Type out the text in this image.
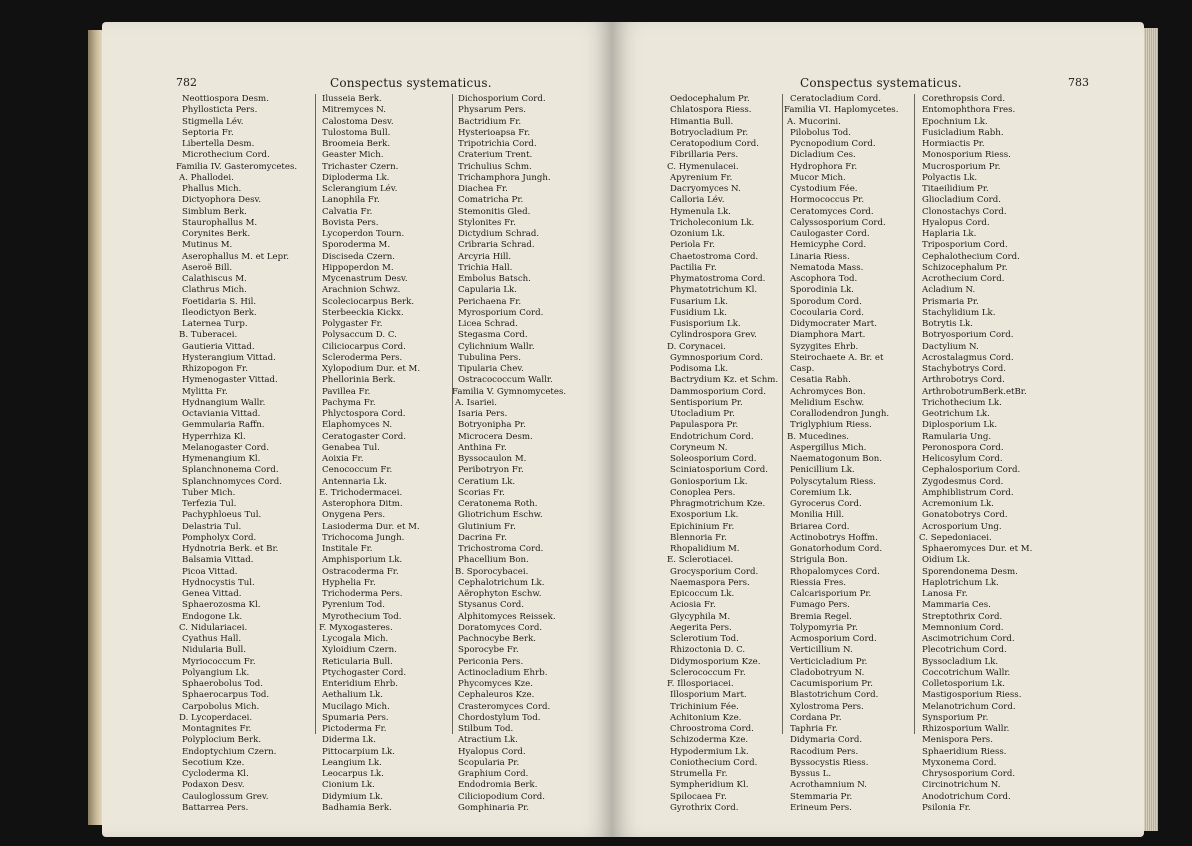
782	Conspectus systematicus.
Neottiospora Desm.
Phyllosticta Pers.
Stigmella Lév.
Septoria Fr.
Libertella Desm.
Microthecium Cord.
Familia IV. Gasteromycetes.
A. Phallodei.
Phallus Mich.
Dictyophora Desv.
Simblum Berk.
Staurophallus M.
Corynites Berk.
Mutinus M.
Aserophallus M. et Lepr.
Aseroë Bill.
Calathiscus M.
Clathrus Mich.
Foetidaria S. Hil.
Ileodictyon Berk.
Laternea Turp.
B. Tuberacei.
Gautieria Vittad.
Hysterangium Vittad.
Rhizopogon Fr.
Hymenogaster Vittad.
Mylitta Fr.
Hydnangium Wallr.
Octaviania Vittad.
Gemmularia Raffn.
Hyperrhiza Kl.
Melanogaster Cord.
Hymenangium Kl.
Splanchnonema Cord.
Splanchnomyces Cord.
Tuber Mich.
Terfezia Tul.
Pachyphloeus Tul.
Delastria Tul.
Pompholyx Cord.
Hydnotria Berk. et Br.
Balsamia Vittad.
Picoa Vittad.
Hydnocystis Tul.
Genea Vittad.
Sphaerozosma Kl.
Endogone Lk.
C. Nidulariacei.
Cyathus Hall.
Nidularia Bull.
Myriococcum Fr.
Polyangium Lk.
Sphaerobolus Tod.
Sphaerocarpus Tod.
Carpobolus Mich.
D. Lycoperdacei.
Montagnites Fr.
Polyplocium Berk.
Endoptychium Czern.
Secotium Kze.
Cycloderma Kl.
Podaxon Desv.
Cauloglossum Grev.
Battarrea Pers.
Ilusseia Berk.
Mitremyces N.
Calostoma Desv.
Tulostoma Bull.
Broomeia Berk.
Geaster Mich.
Trichaster Czern.
Diploderma Lk.
Sclerangium Lév.
Lanophila Fr.
Calvatia Fr.
Bovista Pers.
Lycoperdon Tourn.
Sporoderma M.
Disciseda Czern.
Hippoperdon M.
Mycenastrum Desv.
Arachnion Schwz.
Scoleciocarpus Berk.
Sterbeeckia Kickx.
Polygaster Fr.
Polysaccum D. C.
Ciliciocarpus Cord.
Scleroderma Pers.
Xylopodium Dur. et M.
Phellorinia Berk.
Pavillea Fr.
Pachyma Fr.
Phlyctospora Cord.
Elaphomyces N.
Ceratogaster Cord.
Genabea Tul.
Aoixia Fr.
Cenococcum Fr.
Antennaria Lk.
E. Trichodermacei.
Asterophora Ditm.
Onygena Pers.
Lasioderma Dur. et M.
Trichocoma Jungh.
Institale Fr.
Amphisporium Lk.
Ostracoderma Fr.
Hyphelia Fr.
Trichoderma Pers.
Pyrenium Tod.
Myrothecium Tod.
F. Myxogasteres.
Lycogala Mich.
Xyloidium Czern.
Reticularia Bull.
Ptychogaster Cord.
Enteridium Ehrb.
Aethalium Lk.
Mucilago Mich.
Spumaria Pers.
Pictoderma Fr.
Diderma Lk.
Pittocarpium Lk.
Leangium Lk.
Leocarpus Lk.
Cionium Lk.
Didymium Lk.
Badhamia Berk.
Dichosporium Cord.
Physarum Pers.
Bactridium Fr.
Hysterioapsa Fr.
Tripotrichia Cord.
Craterium Trent.
Trichulius Schm.
Trichamphora Jungh.
Diachea Fr.
Comatricha Pr.
Stemonitis Gled.
Stylonites Fr.
Dictydium Schrad.
Cribraria Schrad.
Arcyria Hill.
Trichia Hall.
Embolus Batsch.
Capularia Lk.
Perichaena Fr.
Myrosporium Cord.
Licea Schrad.
Stegasma Cord.
Cylichnium Wallr.
Tubulina Pers.
Tipularia Chev.
Ostracococcum Wallr.
Familia V. Gymnomycetes.
A. Isariei.
Isaria Pers.
Botryonipha Pr.
Microcera Desm.
Anthina Fr.
Byssocaulon M.
Peribotryon Fr.
Ceratium Lk.
Scorias Fr.
Ceratonema Roth.
Gliotrichum Eschw.
Glutinium Fr.
Dacrina Fr.
Trichostroma Cord.
Phacellium Bon.
B. Sporocybacei.
Cephalotrichum Lk.
Aërophyton Eschw.
Stysanus Cord.
Alphitomyces Reissek.
Doratomyces Cord.
Pachnocybe Berk.
Sporocybe Fr.
Periconia Pers.
Actinocladium Ehrb.
Phycomyces Kze.
Cephaleuros Kze.
Crasteromyces Cord.
Chordostylum Tod.
Stilbum Tod.
Atractium Lk.
Hyalopus Cord.
Scopularia Pr.
Graphium Cord.
Endodromia Berk.
Ciliciopodium Cord.
Gomphinaria Pr.
Conspectus systematicus.	783
Oedocephalum Pr.
Chlatospora Riess.
Himantia Bull.
Botryocladium Pr.
Ceratopodium Cord.
Fibrillaria Pers.
C. Hymenulacei.
Apyrenium Fr.
Dacryomyces N.
Calloria Lév.
Hymenula Lk.
Tricholeconium Lk.
Ozonium Lk.
Periola Fr.
Chaetostroma Cord.
Pactilia Fr.
Phymatostroma Cord.
Phymatotrichum Kl.
Fusarium Lk.
Fusidium Lk.
Fusisporium Lk.
Cylindrospora Grev.
D. Corynacei.
Gymnosporium Cord.
Podisoma Lk.
Bactrydium Kz. et Schm.
Dammosporium Cord.
Sentisporium Pr.
Utocladium Pr.
Papulaspora Pr.
Endotrichum Cord.
Coryneum N.
Soleosporium Cord.
Sciniatosporium Cord.
Goniosporium Lk.
Conoplea Pers.
Phragmotrichum Kze.
Exosporium Lk.
Epichinium Fr.
Blennoria Fr.
Rhopalidium M.
E. Sclerotiacei.
Grocysporium Cord.
Naemaspora Pers.
Epicoccum Lk.
Aciosia Fr.
Glycyphila M.
Aegerita Pers.
Sclerotium Tod.
Rhizoctonia D. C.
Didymosporium Kze.
Sclerococcum Fr.
F. Illosporiacei.
Illosporium Mart.
Trichinium Fée.
Achitonium Kze.
Chroostroma Cord.
Schizoderma Kze.
Hypodermium Lk.
Coniothecium Cord.
Strumella Fr.
Sympheridium Kl.
Spilocaea Fr.
Gyrothrix Cord.
Ceratocladium Cord.
Familia VI. Haplomycetes.
A. Mucorini.
Pilobolus Tod.
Pycnopodium Cord.
Dicladium Ces.
Hydrophora Fr.
Mucor Mich.
Cystodium Fée.
Hormococcus Pr.
Ceratomyces Cord.
Calyssosporium Cord.
Caulogaster Cord.
Hemicyphe Cord.
Linaria Riess.
Nematoda Mass.
Ascophora Tod.
Sporodinia Lk.
Sporodum Cord.
Cocoularia Cord.
Didymocrater Mart.
Diamphora Mart.
Syzygites Ehrb.
Steirochaete A. Br. et
Casp.
Cesatia Rabh.
Achromyces Bon.
Melidium Eschw.
Corallodendron Jungh.
Triglyphium Riess.
B. Mucedines.
Aspergillus Mich.
Naematogonum Bon.
Penicillium Lk.
Polyscytalum Riess.
Coremium Lk.
Gyrocerus Cord.
Monilia Hill.
Briarea Cord.
Actinobotrys Hoffm.
Gonatorhodum Cord.
Strigula Bon.
Rhopalomyces Cord.
Riessia Fres.
Calcarisporium Pr.
Fumago Pers.
Bremia Regel.
Tolypomyria Pr.
Acmosporium Cord.
Verticillium N.
Verticicladium Pr.
Cladobotryum N.
Cacumisporium Pr.
Blastotrichum Cord.
Xylostroma Pers.
Cordana Pr.
Taphria Fr.
Didymaria Cord.
Racodium Pers.
Byssocystis Riess.
Byssus L.
Acrothamnium N.
Stemmaria Pr.
Erineum Pers.
Corethropsis Cord.
Entomophthora Fres.
Epochnium Lk.
Fusicladium Rabh.
Hormiactis Pr.
Monosporium Riess.
Mucrosporium Pr.
Polyactis Lk.
Titaeilidium Pr.
Gliocladium Cord.
Clonostachys Cord.
Hyalopus Cord.
Haplaria Lk.
Triposporium Cord.
Cephalothecium Cord.
Schizocephalum Pr.
Acrothecium Cord.
Acladium N.
Prismaria Pr.
Stachylidium Lk.
Botrytis Lk.
Botryosporium Cord.
Dactylium N.
Acrostalagmus Cord.
Stachybotrys Cord.
Arthrobotrys Cord.
ArthrobotrumBerk.etBr.
Trichothecium Lk.
Geotrichum Lk.
Diplosporium Lk.
Ramularia Ung.
Peronospora Cord.
Helicosylum Cord.
Cephalosporium Cord.
Zygodesmus Cord.
Amphiblistrum Cord.
Acremonium Lk.
Gonatobotrys Cord.
Acrosporium Ung.
C. Sepedoniacei.
Sphaeromyces Dur. et M.
Oidium Lk.
Sporendonema Desm.
Haplotrichum Lk.
Lanosa Fr.
Mammaria Ces.
Streptothrix Cord.
Memnonium Cord.
Ascimotrichum Cord.
Plecotrichum Cord.
Byssocladium Lk.
Coccotrichum Wallr.
Colletosporium Lk.
Mastigosporium Riess.
Melanotrichum Cord.
Synsporium Pr.
Rhizosporium Wallr.
Menispora Pers.
Sphaeridium Riess.
Myxonema Cord.
Chrysosporium Cord.
Circinotrichum N.
Anodotrichum Cord.
Psilonia Fr.
